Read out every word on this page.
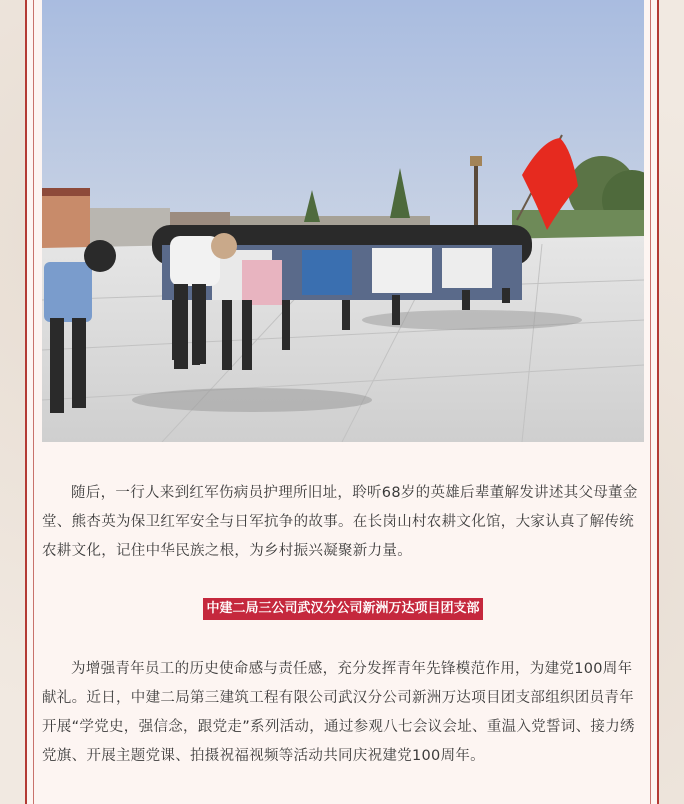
随后，一行人来到红军伤病员护理所旧址，聆听68岁的英雄后辈董解发讲述其父母董金堂、熊杏英为保卫红军安全与日军抗争的故事。在长岗山村农耕文化馆，大家认真了解传统农耕文化，记住中华民族之根，为乡村振兴凝聚新力量。

中建二局三公司武汉分公司新洲万达项目团支部

为增强青年员工的历史使命感与责任感，充分发挥青年先锋模范作用，为建党100周年献礼。近日，中建二局第三建筑工程有限公司武汉分公司新洲万达项目团支部组织团员青年开展“学党史，强信念，跟党走”系列活动，通过参观八七会议会址、重温入党誓词、接力绣党旗、开展主题党课、拍摄祝福视频等活动共同庆祝建党100周年。
